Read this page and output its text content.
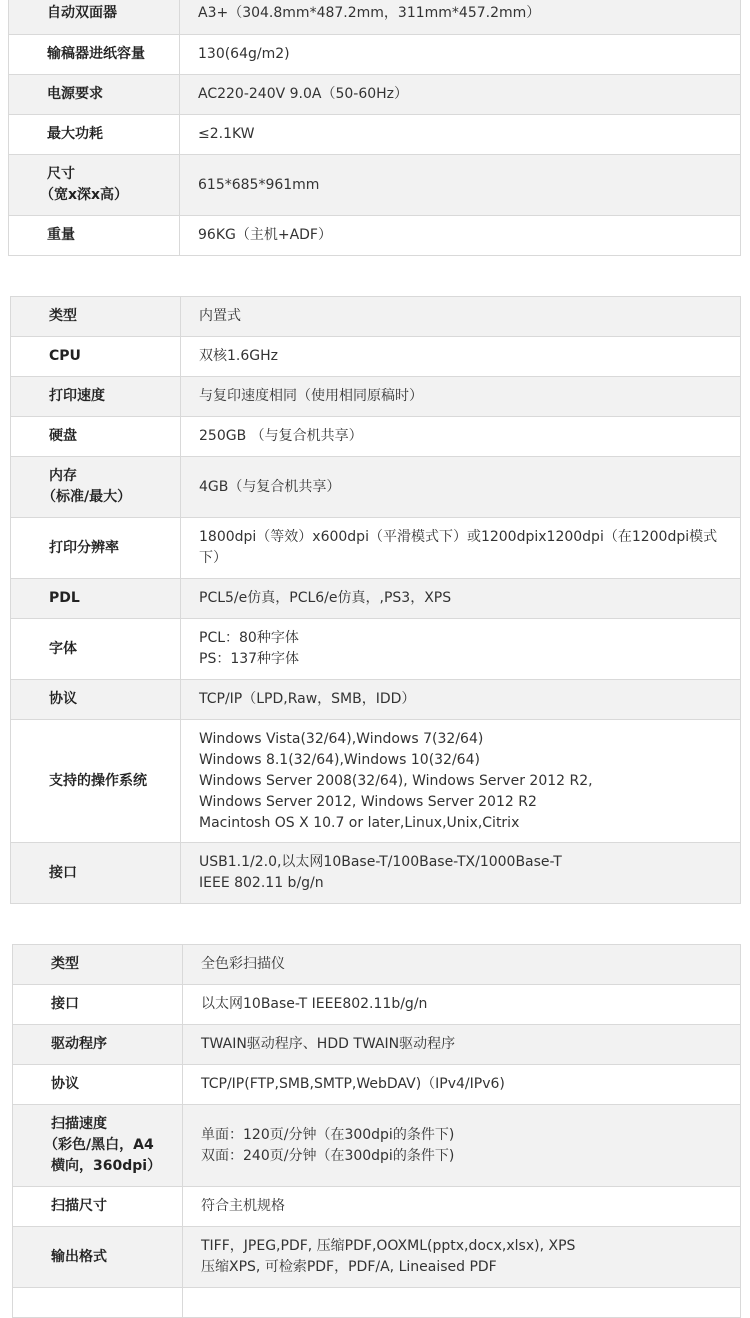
自动双面器	A3+（304.8mm*487.2mm，311mm*457.2mm）

输稿器进纸容量	130(64g/m2)

电源要求	AC220-240V 9.0A（50-60Hz）

最大功耗	≤2.1KW

尺寸
（宽x深x高）	615*685*961mm

重量	96KG（主机+ADF）
类型	内置式

CPU	双核1.6GHz

打印速度	与复印速度相同（使用相同原稿时）

硬盘	250GB （与复合机共享）

内存
（标准/最大）	4GB（与复合机共享）

打印分辨率	1800dpi（等效）x600dpi（平滑模式下）或1200dpix1200dpi（在1200dpi模式下）

PDL	PCL5/e仿真，PCL6/e仿真，,PS3，XPS

字体	PCL：80种字体
PS：137种字体

协议	TCP/IP（LPD,Raw，SMB，IDD）

支持的操作系统	Windows Vista(32/64),Windows 7(32/64)
Windows 8.1(32/64),Windows 10(32/64)
Windows Server 2008(32/64), Windows Server 2012 R2,
Windows Server 2012, Windows Server 2012 R2
Macintosh OS X 10.7 or later,Linux,Unix,Citrix

接口	USB1.1/2.0,以太网10Base-T/100Base-TX/1000Base-T
IEEE 802.11 b/g/n
类型	全色彩扫描仪

接口	以太网10Base-T IEEE802.11b/g/n

驱动程序	TWAIN驱动程序、HDD TWAIN驱动程序

协议	TCP/IP(FTP,SMB,SMTP,WebDAV)（IPv4/IPv6)

扫描速度
（彩色/黑白，A4
横向，360dpi）	单面：120页/分钟（在300dpi的条件下)
双面：240页/分钟（在300dpi的条件下)

扫描尺寸	符合主机规格

输出格式	TIFF，JPEG,PDF, 压缩PDF,OOXML(pptx,docx,xlsx), XPS
压缩XPS, 可检索PDF，PDF/A, Lineaised PDF
